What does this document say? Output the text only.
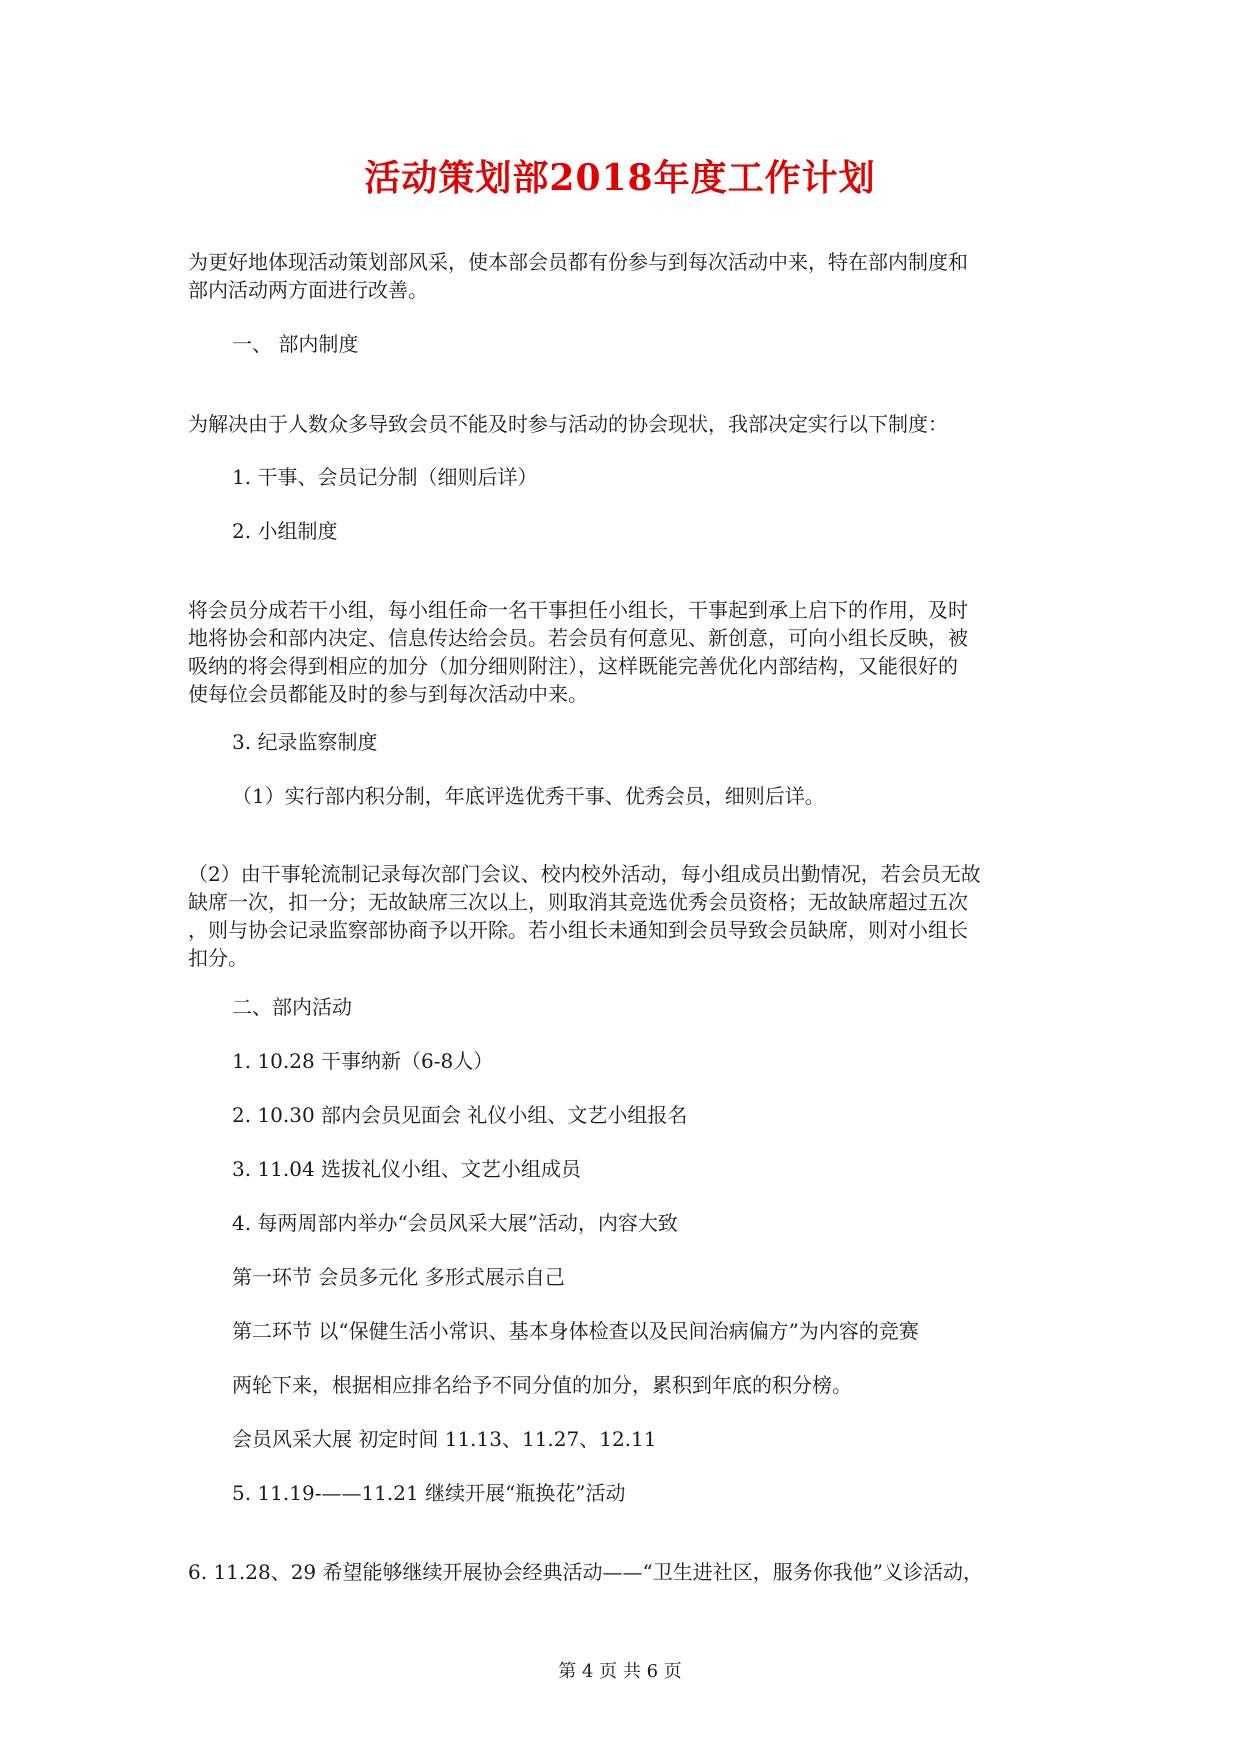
活动策划部2018年度工作计划
为更好地体现活动策划部风采，使本部会员都有份参与到每次活动中来，特在部内制度和
部内活动两方面进行改善。
一、 部内制度
为解决由于人数众多导致会员不能及时参与活动的协会现状，我部决定实行以下制度：
1. 干事、会员记分制（细则后详）
2. 小组制度
将会员分成若干小组，每小组任命一名干事担任小组长，干事起到承上启下的作用，及时
地将协会和部内决定、信息传达给会员。若会员有何意见、新创意，可向小组长反映，被
吸纳的将会得到相应的加分（加分细则附注），这样既能完善优化内部结构，又能很好的
使每位会员都能及时的参与到每次活动中来。
3. 纪录监察制度
（1）实行部内积分制，年底评选优秀干事、优秀会员，细则后详。
（2）由干事轮流制记录每次部门会议、校内校外活动，每小组成员出勤情况，若会员无故
缺席一次，扣一分；无故缺席三次以上，则取消其竞选优秀会员资格；无故缺席超过五次
，则与协会记录监察部协商予以开除。若小组长未通知到会员导致会员缺席，则对小组长
扣分。
二、部内活动
1. 10.28 干事纳新（6-8人）
2. 10.30 部内会员见面会 礼仪小组、文艺小组报名
3. 11.04 选拔礼仪小组、文艺小组成员
4. 每两周部内举办“会员风采大展”活动，内容大致
第一环节 会员多元化 多形式展示自己
第二环节 以“保健生活小常识、基本身体检查以及民间治病偏方”为内容的竞赛
两轮下来，根据相应排名给予不同分值的加分，累积到年底的积分榜。
会员风采大展 初定时间 11.13、11.27、12.11
5. 11.19-——11.21 继续开展“瓶换花”活动
6. 11.28、29 希望能够继续开展协会经典活动——“卫生进社区，服务你我他”义诊活动，
第 4 页 共 6 页
